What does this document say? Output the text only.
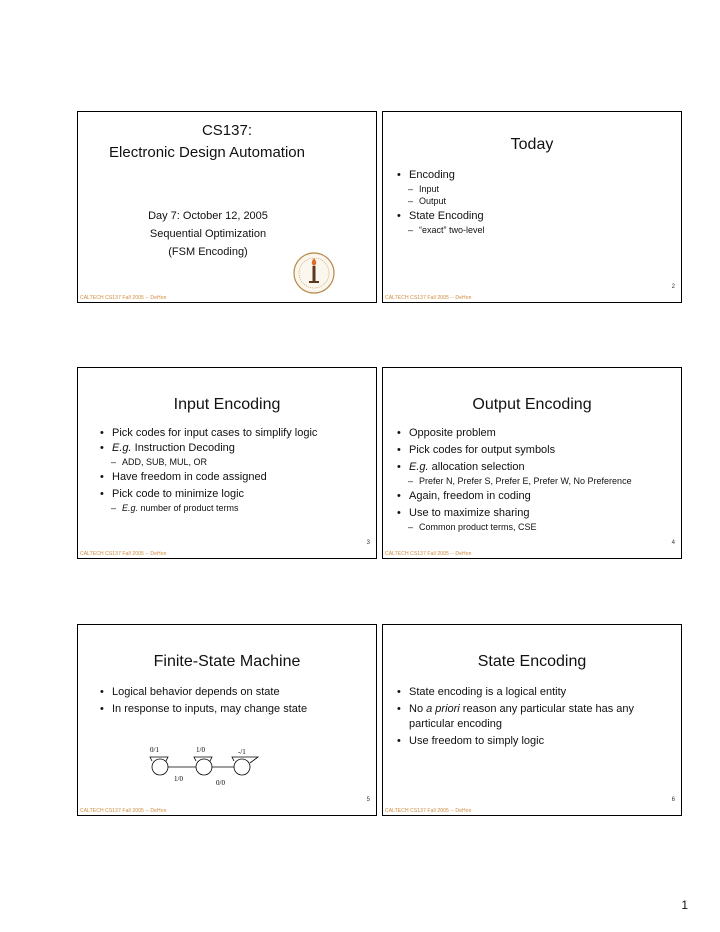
CS137:
Electronic Design Automation
Day 7: October 12, 2005
Sequential Optimization
(FSM Encoding)
CALTECH CS137 Fall 2005 -- DeHon
Today
• Encoding
– Input
– Output
• State Encoding
– “exact” two-level
2
CALTECH CS137 Fall 2005 -- DeHon
Input Encoding
• Pick codes for input cases to simplify logic
• E.g. Instruction Decoding
– ADD, SUB, MUL, OR
• Have freedom in code assigned
• Pick code to minimize logic
– E.g. number of product terms
3
CALTECH CS137 Fall 2005 -- DeHon
Output Encoding
• Opposite problem
• Pick codes for output symbols
• E.g. allocation selection
– Prefer N, Prefer S, Prefer E, Prefer W, No Preference
• Again, freedom in coding
• Use to maximize sharing
– Common product terms, CSE
4
CALTECH CS137 Fall 2005 -- DeHon
Finite-State Machine
• Logical behavior depends on state
• In response to inputs, may change state
0/1	1/0	-/1
1/0	0/0
5
CALTECH CS137 Fall 2005 -- DeHon
State Encoding
• State encoding is a logical entity
• No a priori reason any particular state has any particular encoding
• Use freedom to simply logic
6
CALTECH CS137 Fall 2005 -- DeHon
1
